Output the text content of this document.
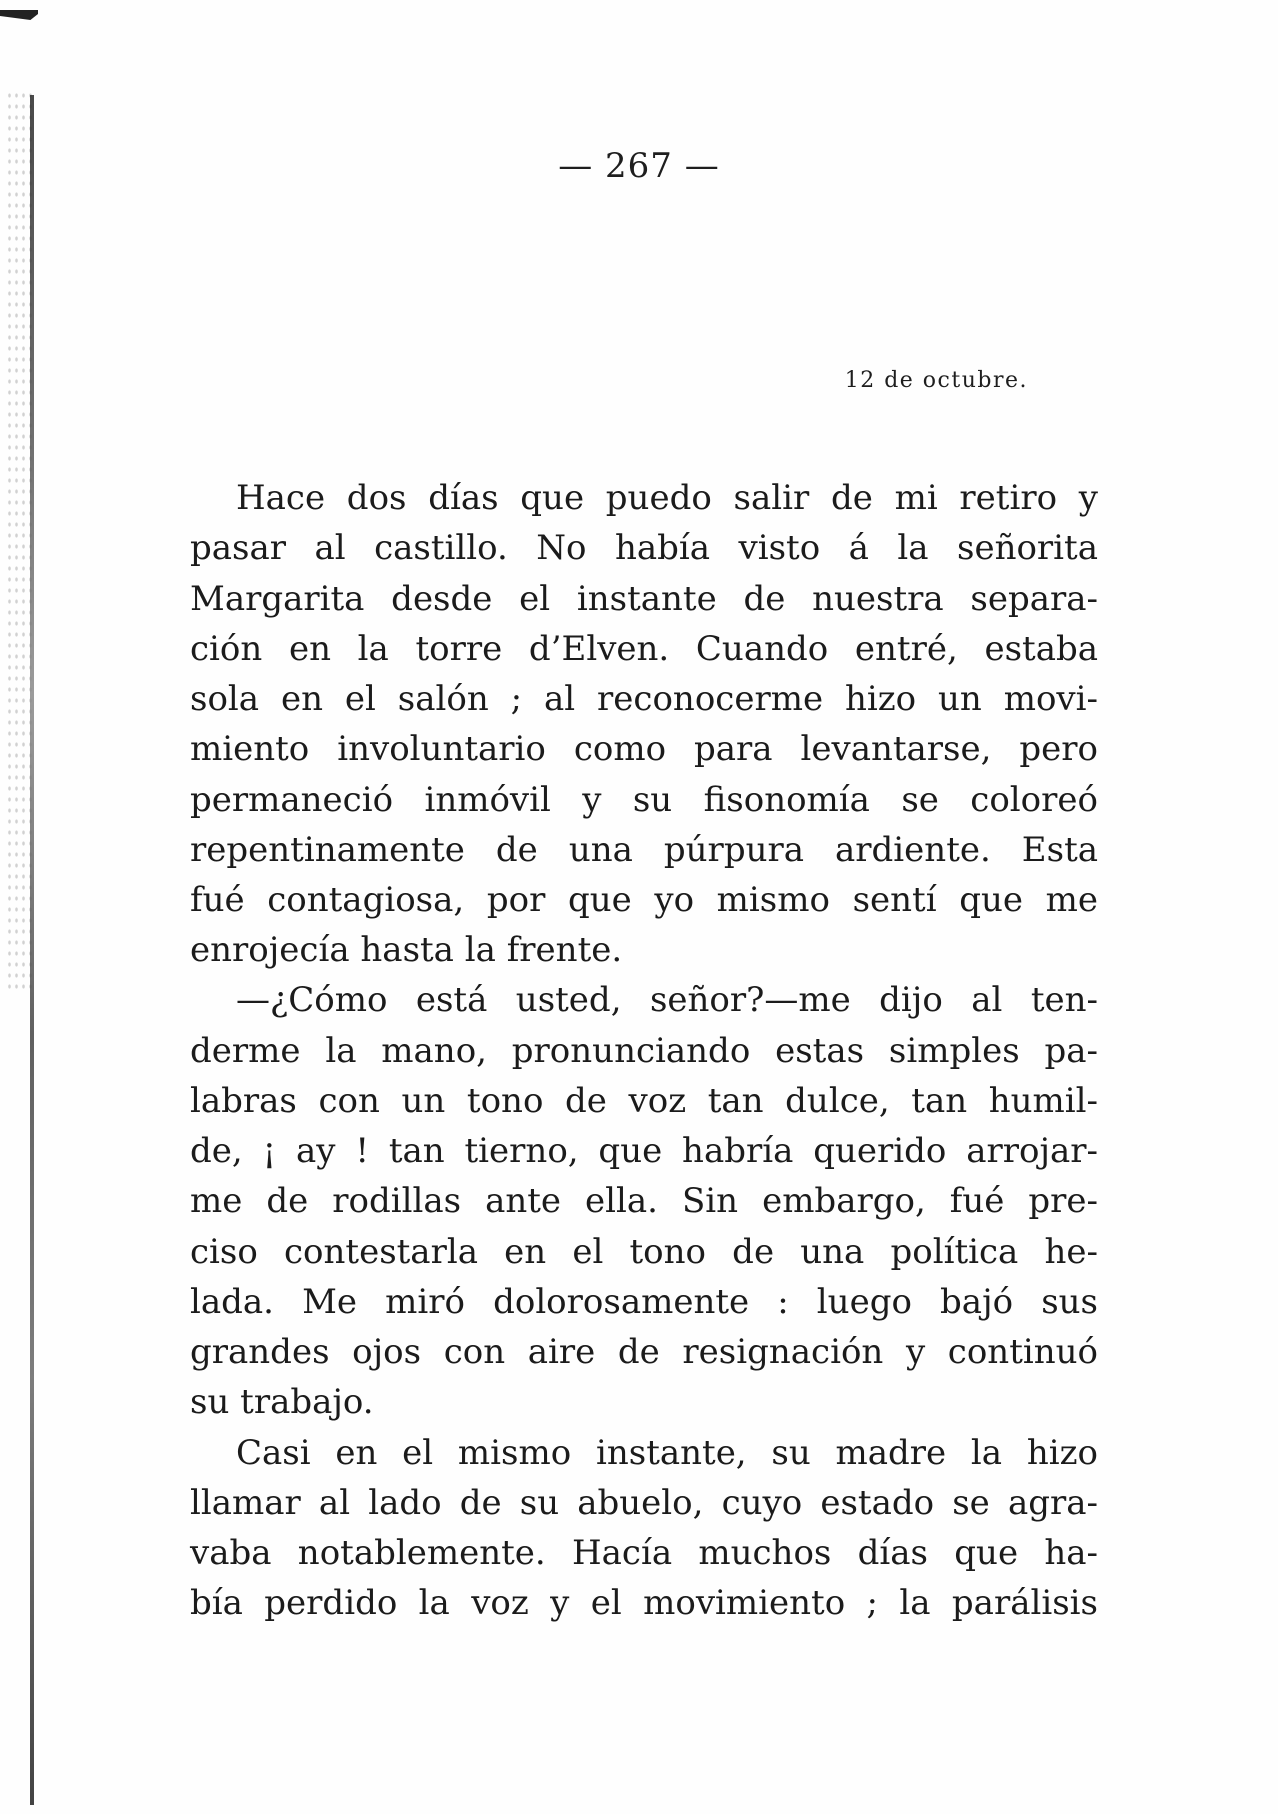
— 267 —
12 de octubre.
Hace dos días que puedo salir de mi retiro y
pasar al castillo. No había visto á la señorita
Margarita desde el instante de nuestra separa-
ción en la torre d’Elven. Cuando entré, estaba
sola en el salón ; al reconocerme hizo un movi-
miento involuntario como para levantarse, pero
permaneció inmóvil y su fisonomía se coloreó
repentinamente de una púrpura ardiente. Esta
fué contagiosa, por que yo mismo sentí que me
enrojecía hasta la frente.
—¿Cómo está usted, señor?—me dijo al ten-
derme la mano, pronunciando estas simples pa-
labras con un tono de voz tan dulce, tan humil-
de, ¡ ay ! tan tierno, que habría querido arrojar-
me de rodillas ante ella. Sin embargo, fué pre-
ciso contestarla en el tono de una política he-
lada. Me miró dolorosamente : luego bajó sus
grandes ojos con aire de resignación y continuó
su trabajo.
Casi en el mismo instante, su madre la hizo
llamar al lado de su abuelo, cuyo estado se agra-
vaba notablemente. Hacía muchos días que ha-
bía perdido la voz y el movimiento ; la parálisis
